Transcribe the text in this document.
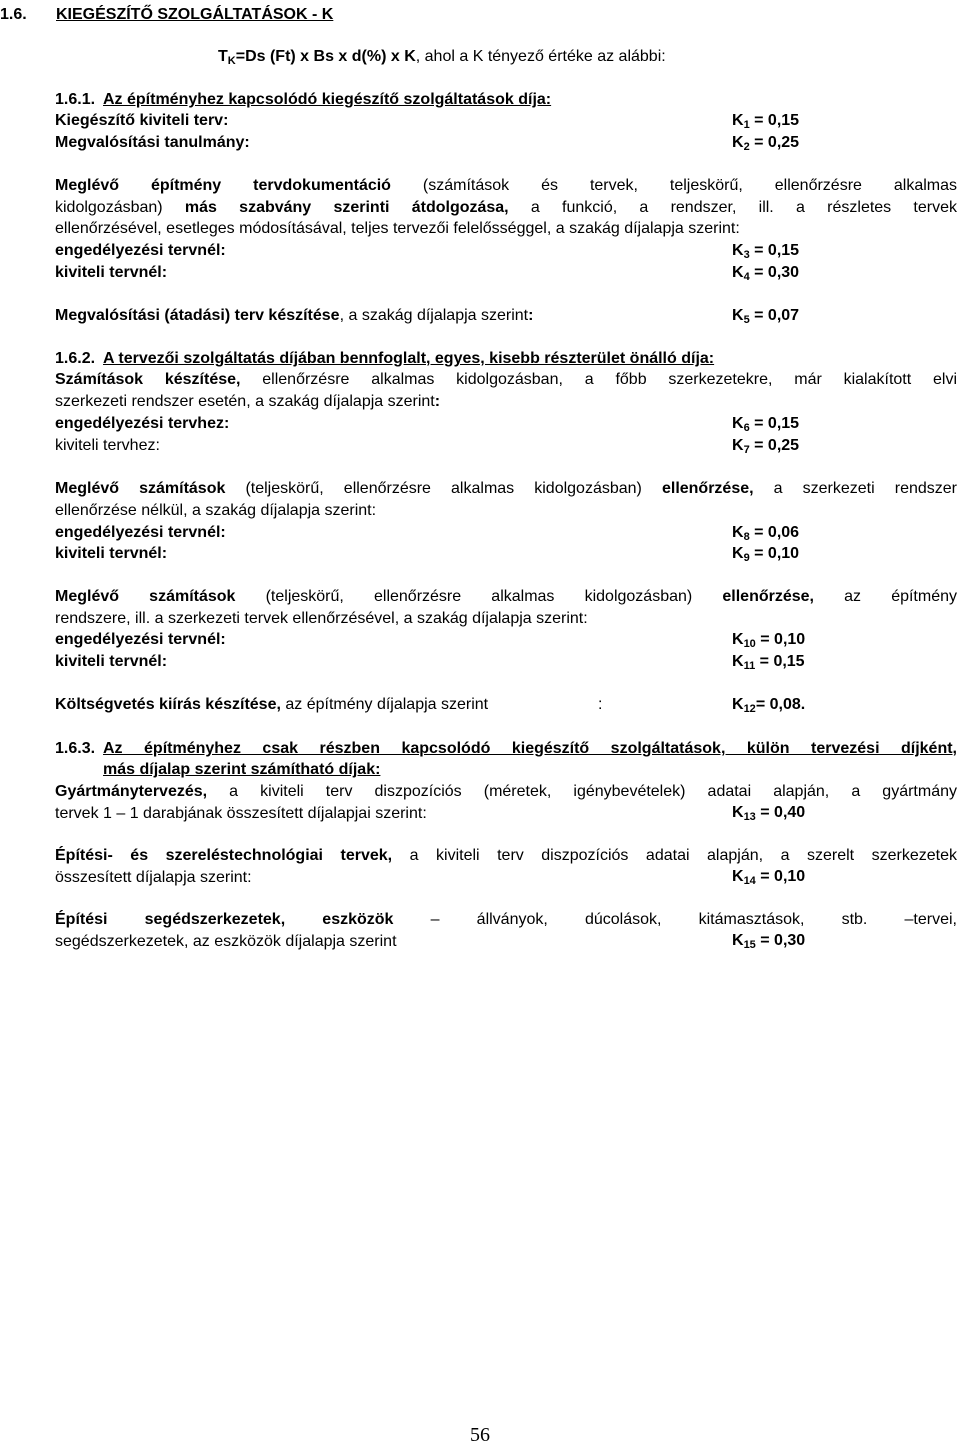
1.6. KIEGÉSZÍTŐ SZOLGÁLTATÁSOK - K
$T_K=Ds$ (Ft) x Bs x d(%) x K, ahol a K tényező értéke az alábbi:
1.6.1. Az építményhez kapcsolódó kiegészítő szolgáltatások díja:
Kiegészítő kiviteli terv:	$K_1 = 0,15$
Megvalósítási tanulmány:	$K_2 = 0,25$
Meglévő építmény tervdokumentáció (számítások és tervek, teljeskörű, ellenőrzésre alkalmas
kidolgozásban) más szabvány szerinti átdolgozása, a funkció, a rendszer, ill. a részletes tervek
ellenőrzésével, esetleges módosításával, teljes tervezői felelősséggel, a szakág díjalapja szerint:
engedélyezési tervnél:	$K_3 = 0,15$
kiviteli tervnél:	$K_4 = 0,30$
Megvalósítási (átadási) terv készítése, a szakág díjalapja szerint:	$K_5 = 0,07$
1.6.2. A tervezői szolgáltatás díjában bennfoglalt, egyes, kisebb részterület önálló díja:
Számítások készítése, ellenőrzésre alkalmas kidolgozásban, a főbb szerkezetekre, már kialakított elvi
szerkezeti rendszer esetén, a szakág díjalapja szerint:
engedélyezési tervhez:	$K_6 = 0,15$
kiviteli tervhez:	$K_7 = 0,25$
Meglévő számítások (teljeskörű, ellenőrzésre alkalmas kidolgozásban) ellenőrzése, a szerkezeti rendszer
ellenőrzése nélkül, a szakág díjalapja szerint:
engedélyezési tervnél:	$K_8 = 0,06$
kiviteli tervnél:	$K_9 = 0,10$
Meglévő számítások (teljeskörű, ellenőrzésre alkalmas kidolgozásban) ellenőrzése, az építmény
rendszere, ill. a szerkezeti tervek ellenőrzésével, a szakág díjalapja szerint:
engedélyezési tervnél:	$K_{10} = 0,10$
kiviteli tervnél:	$K_{11} = 0,15$
Költségvetés kiírás készítése, az építmény díjalapja szerint	:	$K_{12}= 0,08$.
1.6.3. Az építményhez csak részben kapcsolódó kiegészítő szolgáltatások, külön tervezési díjként,
más díjalap szerint számítható díjak:
Gyártmánytervezés, a kiviteli terv diszpozíciós (méretek, igénybevételek) adatai alapján, a gyártmány
tervek 1 – 1 darabjának összesített díjalapjai szerint:	$K_{13} = 0,40$
Építési- és szereléstechnológiai tervek, a kiviteli terv diszpozíciós adatai alapján, a szerelt szerkezetek
összesített díjalapja szerint:	$K_{14} = 0,10$
Építési segédszerkezetek, eszközök – állványok, dúcolások, kitámasztások, stb. –tervei,
segédszerkezetek, az eszközök díjalapja szerint	$K_{15} = 0,30$
56
